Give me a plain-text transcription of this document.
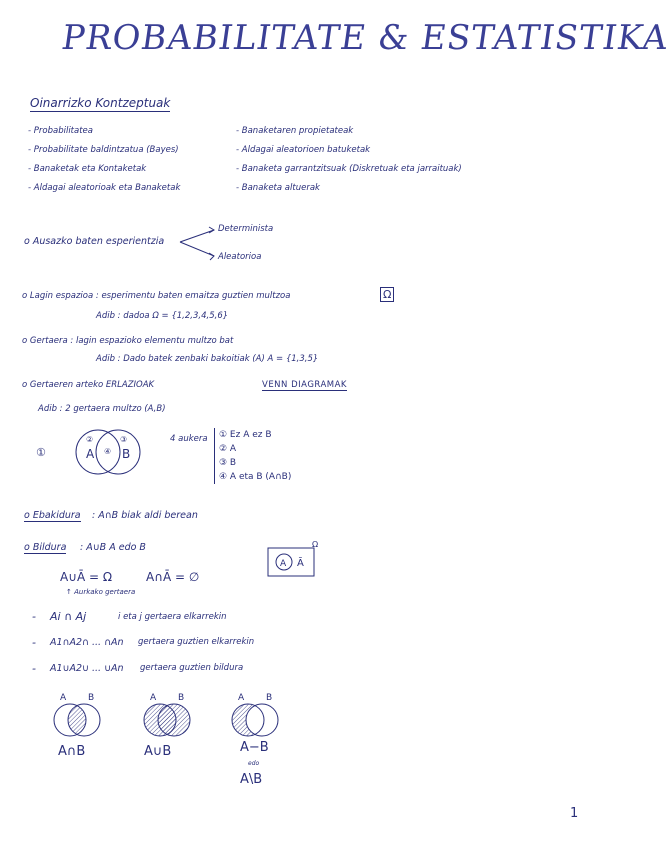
PROBABILITATE & ESTATISTIKA
Oinarrizko Kontzeptuak
- Probabilitatea
- Probabilitate baldintzatua (Bayes)
- Banaketak eta Kontaketak
- Aldagai aleatorioak eta Banaketak
- Banaketaren propietateak
- Aldagai aleatorioen batuketak
- Banaketa garrantzitsuak (Diskretuak eta jarraituak)
- Banaketa altuerak
o Ausazko baten esperientzia
Determinista
Aleatorioa
o Lagin espazioa : esperimentu baten emaitza guztien multzoa	Ω
Adib : dadoa Ω = {1,2,3,4,5,6}
o Gertaera : lagin espazioko elementu multzo bat
Adib : Dado batek zenbaki bakoitiak (A) A = {1,3,5}
o Gertaeren arteko ERLAZIOAK	VENN DIAGRAMAK
Adib : 2 gertaera multzo (A,B)
①
②
④
③
A B
4 aukera ① Ez A ez B
② A
③ B
④ A eta B (A∩B)
o Ebakidura : A∩B biak aldi berean
o Bildura : A∪B A edo B
A∪Ā = Ω	A∩Ā = ∅
↑ Aurkako gertaera
A Ā
Ω
- Ai ∩ Aj	i eta j gertaera elkarrekin
- A1∩A2∩ ... ∩An gertaera guztien elkarrekin
- A1∪A2∪ ... ∪An gertaera guztien bildura
A B
A∩B
A B
A∪B
A B
A−B
edo
A\B
1
